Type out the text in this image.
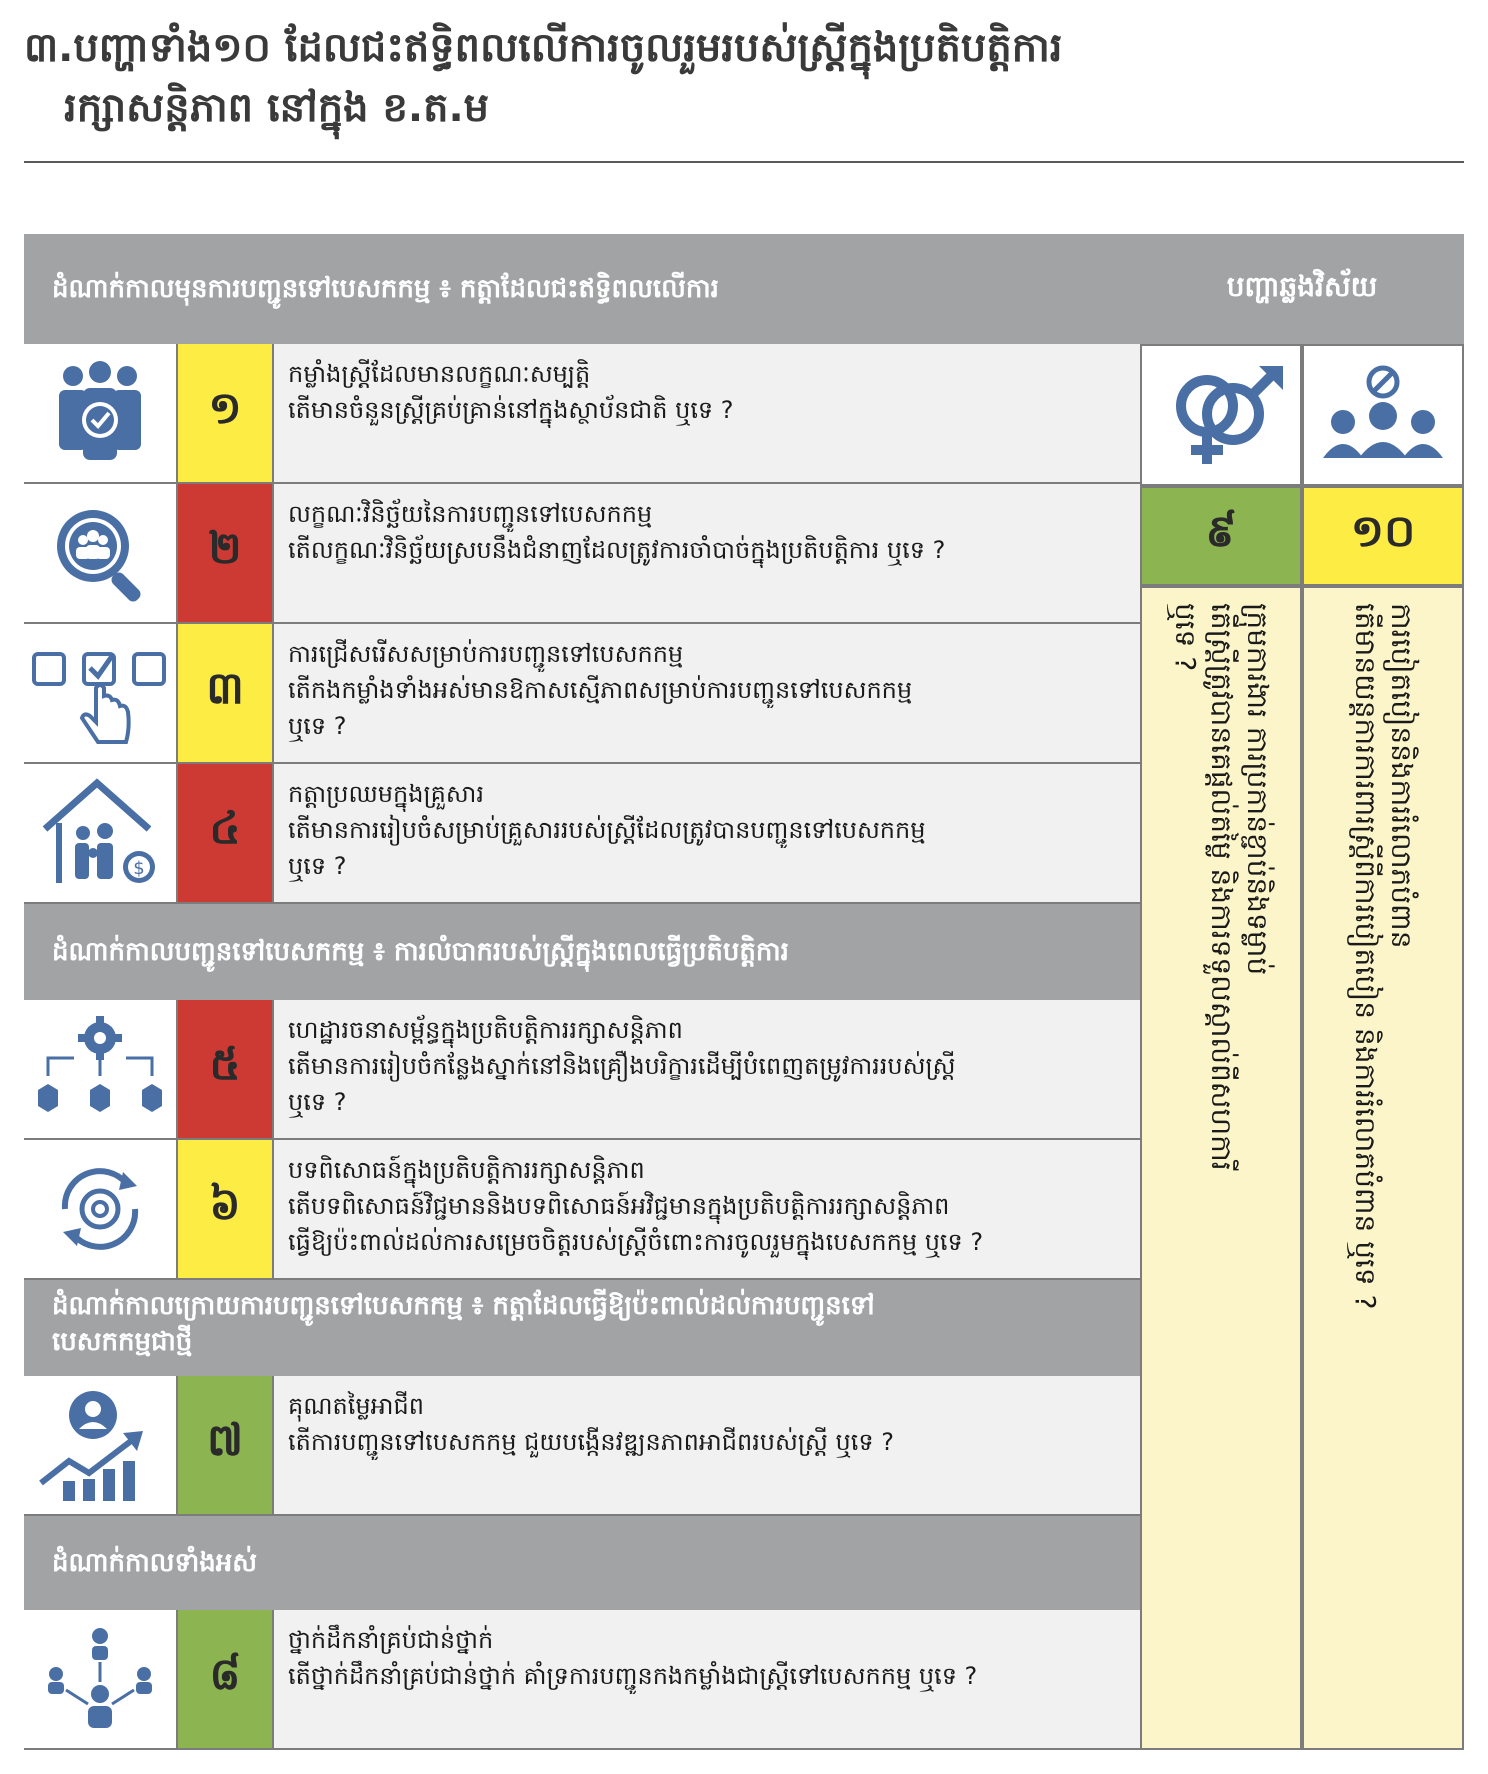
៣.បញ្ហាទាំង១០ ដែលជះឥទ្ធិពលលើការចូលរួមរបស់ស្ត្រីក្នុងប្រតិបត្តិការ
រក្សាសន្តិភាព នៅក្នុង ខ.ត.ម
ដំណាក់កាលមុនការបញ្ជូនទៅបេសកកម្ម ៖ កត្តាដែលជះឥទ្ធិពលលើការ
ដំណាក់កាលបញ្ជូនទៅបេសកកម្ម ៖ ការលំបាករបស់ស្ត្រីក្នុងពេលធ្វើប្រតិបត្តិការ
ដំណាក់កាលក្រោយការបញ្ជូនទៅបេសកកម្ម ៖ កត្តាដែលធ្វើឱ្យប៉ះពាល់ដល់ការបញ្ជូនទៅ
បេសកកម្មជាថ្មី
ដំណាក់កាលទាំងអស់
១
កម្លាំងស្ត្រីដែលមានលក្ខណៈសម្បត្តិ
តើមានចំនួនស្ត្រីគ្រប់គ្រាន់នៅក្នុងស្ថាប័នជាតិ ឬទេ ?
២
លក្ខណៈវិនិច្ឆ័យនៃការបញ្ជូនទៅបេសកកម្ម
តើលក្ខណៈវិនិច្ឆ័យស្របនឹងជំនាញដែលត្រូវការចាំបាច់ក្នុងប្រតិបត្តិការ ឬទេ ?
៣
ការជ្រើសរើសសម្រាប់ការបញ្ជូនទៅបេសកកម្ម
តើកងកម្លាំងទាំងអស់មានឱកាសស្មើភាពសម្រាប់ការបញ្ជូនទៅបេសកកម្ម
ឬទេ ?
$
៤
កត្តាប្រឈមក្នុងគ្រួសារ
តើមានការរៀបចំសម្រាប់គ្រួសាររបស់ស្ត្រីដែលត្រូវបានបញ្ជូនទៅបេសកកម្ម
ឬទេ ?
៥
ហេដ្ឋារចនាសម្ព័ន្ធក្នុងប្រតិបត្តិការរក្សាសន្តិភាព
តើមានការរៀបចំកន្លែងស្នាក់នៅនិងគ្រឿងបរិក្ខារដើម្បីបំពេញតម្រូវការរបស់ស្ត្រី
ឬទេ ?
៦
បទពិសោធន៍ក្នុងប្រតិបត្តិការរក្សាសន្តិភាព
តើបទពិសោធន៍វិជ្ជមាននិងបទពិសោធន៍អវិជ្ជមានក្នុងប្រតិបត្តិការរក្សាសន្តិភាព
ធ្វើឱ្យប៉ះពាល់ដល់ការសម្រេចចិត្តរបស់ស្ត្រីចំពោះការចូលរួមក្នុងបេសកកម្ម ឬទេ ?
៧
គុណតម្លៃអាជីព
តើការបញ្ជូនទៅបេសកកម្ម ជួយបង្កើនវឌ្ឍនភាពអាជីពរបស់ស្ត្រី ឬទេ ?
៨
ថ្នាក់ដឹកនាំគ្រប់ជាន់ថ្នាក់
តើថ្នាក់ដឹកនាំគ្រប់ជាន់ថ្នាក់ គាំទ្រការបញ្ជូនកងកម្លាំងជាស្ត្រីទៅបេសកកម្ម ឬទេ ?
បញ្ហាឆ្លងវិស័យ
៩	១០
ក្រុមការងារ ការប្រកាន់ខ្ជាប់និងទម្លាប់
តើស្ត្រីត្រូវបានគេផ្តល់តម្លៃ និងការទទួលស្គាល់ពីសហការី
ឬទេ ?	ការបៀតបៀននិងការរំលោភបំពាន
តើមានយន្តការការពារស្ត្រីពីការបៀតបៀន និងការរំលោភបំពាន ឬទេ ?
